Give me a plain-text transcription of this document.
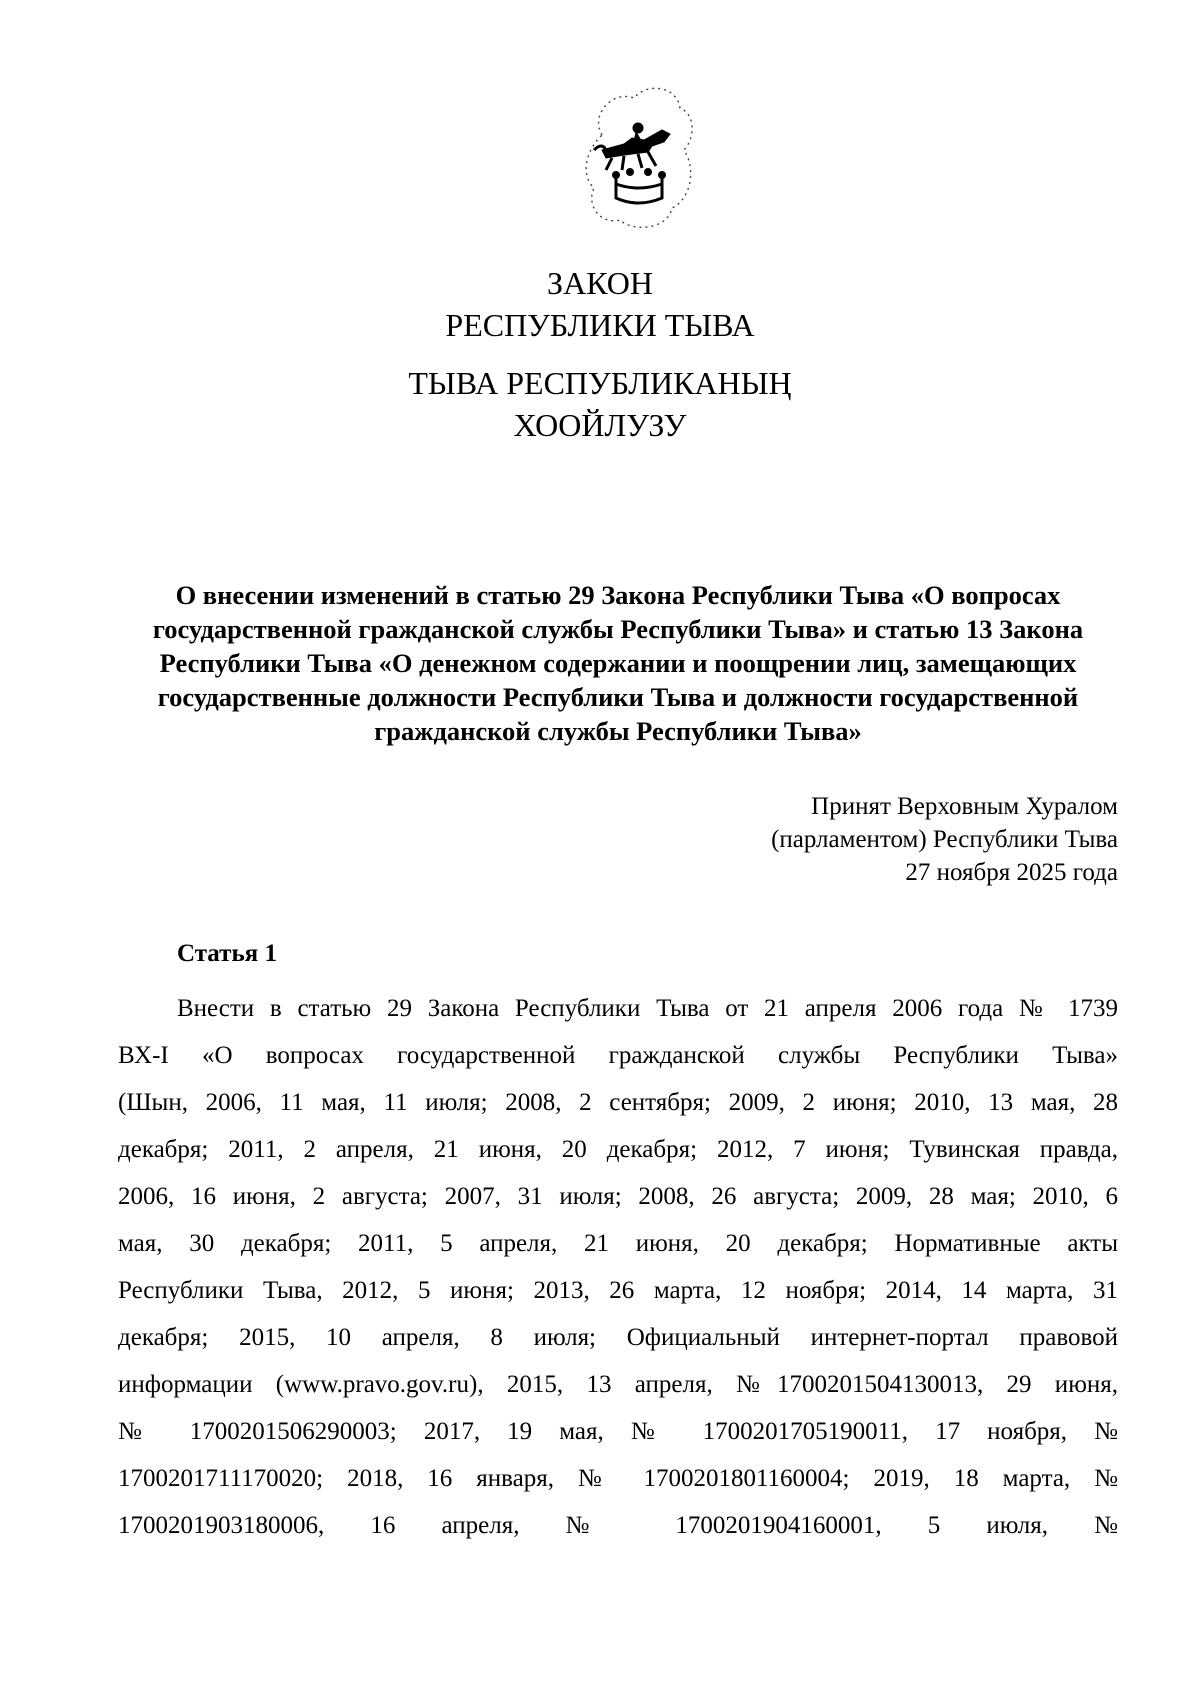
ЗАКОН
РЕСПУБЛИКИ ТЫВА
ТЫВА РЕСПУБЛИКАНЫҢ
ХООЙЛУЗУ
О внесении изменений в статью 29 Закона Республики Тыва «О вопросах государственной гражданской службы Республики Тыва» и статью 13 Закона Республики Тыва «О денежном содержании и поощрении лиц, замещающих государственные должности Республики Тыва и должности государственной гражданской службы Республики Тыва»
Принят Верховным Хуралом
(парламентом) Республики Тыва
27 ноября 2025 года
Статья 1
Внести в статью 29 Закона Республики Тыва от 21 апреля 2006 года № 1739
ВХ-I «О вопросах государственной гражданской службы Республики Тыва»
(Шын, 2006, 11 мая, 11 июля; 2008, 2 сентября; 2009, 2 июня; 2010, 13 мая, 28
декабря; 2011, 2 апреля, 21 июня, 20 декабря; 2012, 7 июня; Тувинская правда,
2006, 16 июня, 2 августа; 2007, 31 июля; 2008, 26 августа; 2009, 28 мая; 2010, 6
мая, 30 декабря; 2011, 5 апреля, 21 июня, 20 декабря; Нормативные акты
Республики Тыва, 2012, 5 июня; 2013, 26 марта, 12 ноября; 2014, 14 марта, 31
декабря; 2015, 10 апреля, 8 июля; Официальный интернет-портал правовой
информации (www.pravo.gov.ru), 2015, 13 апреля, №1700201504130013, 29 июня,
№ 1700201506290003; 2017, 19 мая, № 1700201705190011, 17 ноября, №
1700201711170020; 2018, 16 января, № 1700201801160004; 2019, 18 марта, №
1700201903180006, 16 апреля, № 1700201904160001, 5 июля, №
